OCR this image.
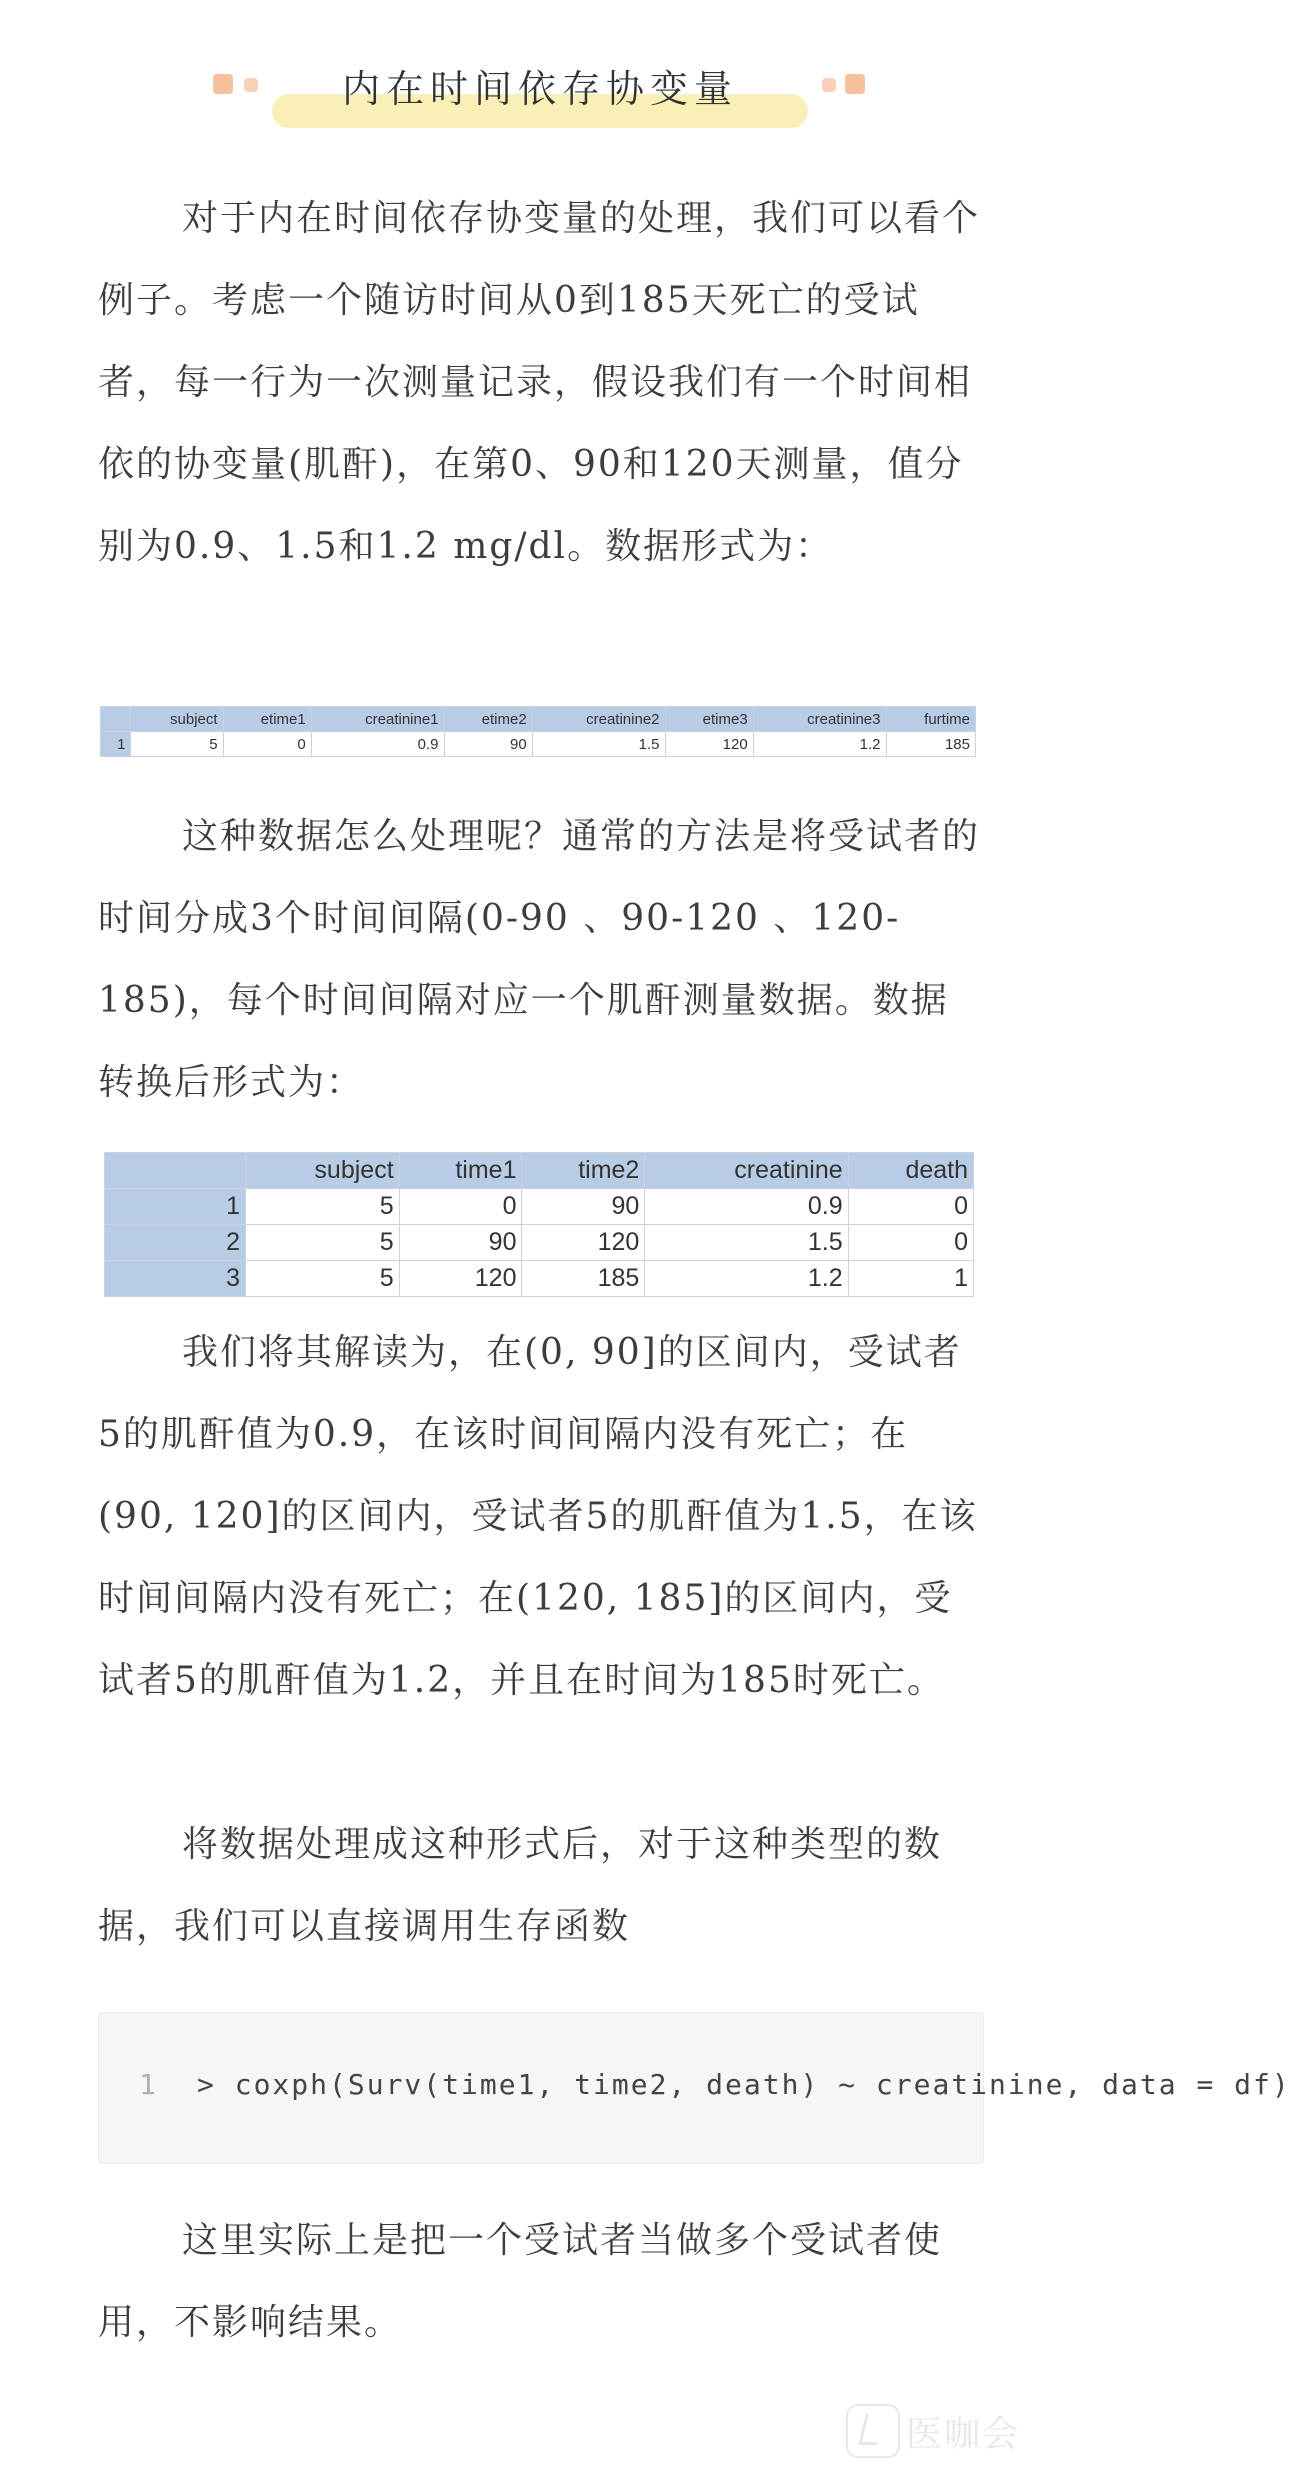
内在时间依存协变量

对于内在时间依存协变量的处理，我们可以看个例子。考虑一个随访时间从0到185天死亡的受试者，每一行为一次测量记录，假设我们有一个时间相依的协变量(肌酐)，在第0、90和120天测量，值分别为0.9、1.5和1.2 mg/dl。数据形式为：

	subject	etime1	creatinine1	etime2	creatinine2	etime3	creatinine3	furtime
1	5	0	0.9	90	1.5	120	1.2	185

这种数据怎么处理呢？通常的方法是将受试者的时间分成3个时间间隔(0-90 、90-120 、120-185)，每个时间间隔对应一个肌酐测量数据。数据转换后形式为：

	subject	time1	time2	creatinine	death
1	5	0	90	0.9	0
2	5	90	120	1.5	0
3	5	120	185	1.2	1

我们将其解读为，在(0, 90]的区间内，受试者5的肌酐值为0.9，在该时间间隔内没有死亡；在(90, 120]的区间内，受试者5的肌酐值为1.5，在该时间间隔内没有死亡；在(120, 185]的区间内，受试者5的肌酐值为1.2，并且在时间为185时死亡。

将数据处理成这种形式后，对于这种类型的数据，我们可以直接调用生存函数

1 > coxph(Surv(time1, time2, death) ~ creatinine, data = df)

这里实际上是把一个受试者当做多个受试者使用，不影响结果。

医咖会
